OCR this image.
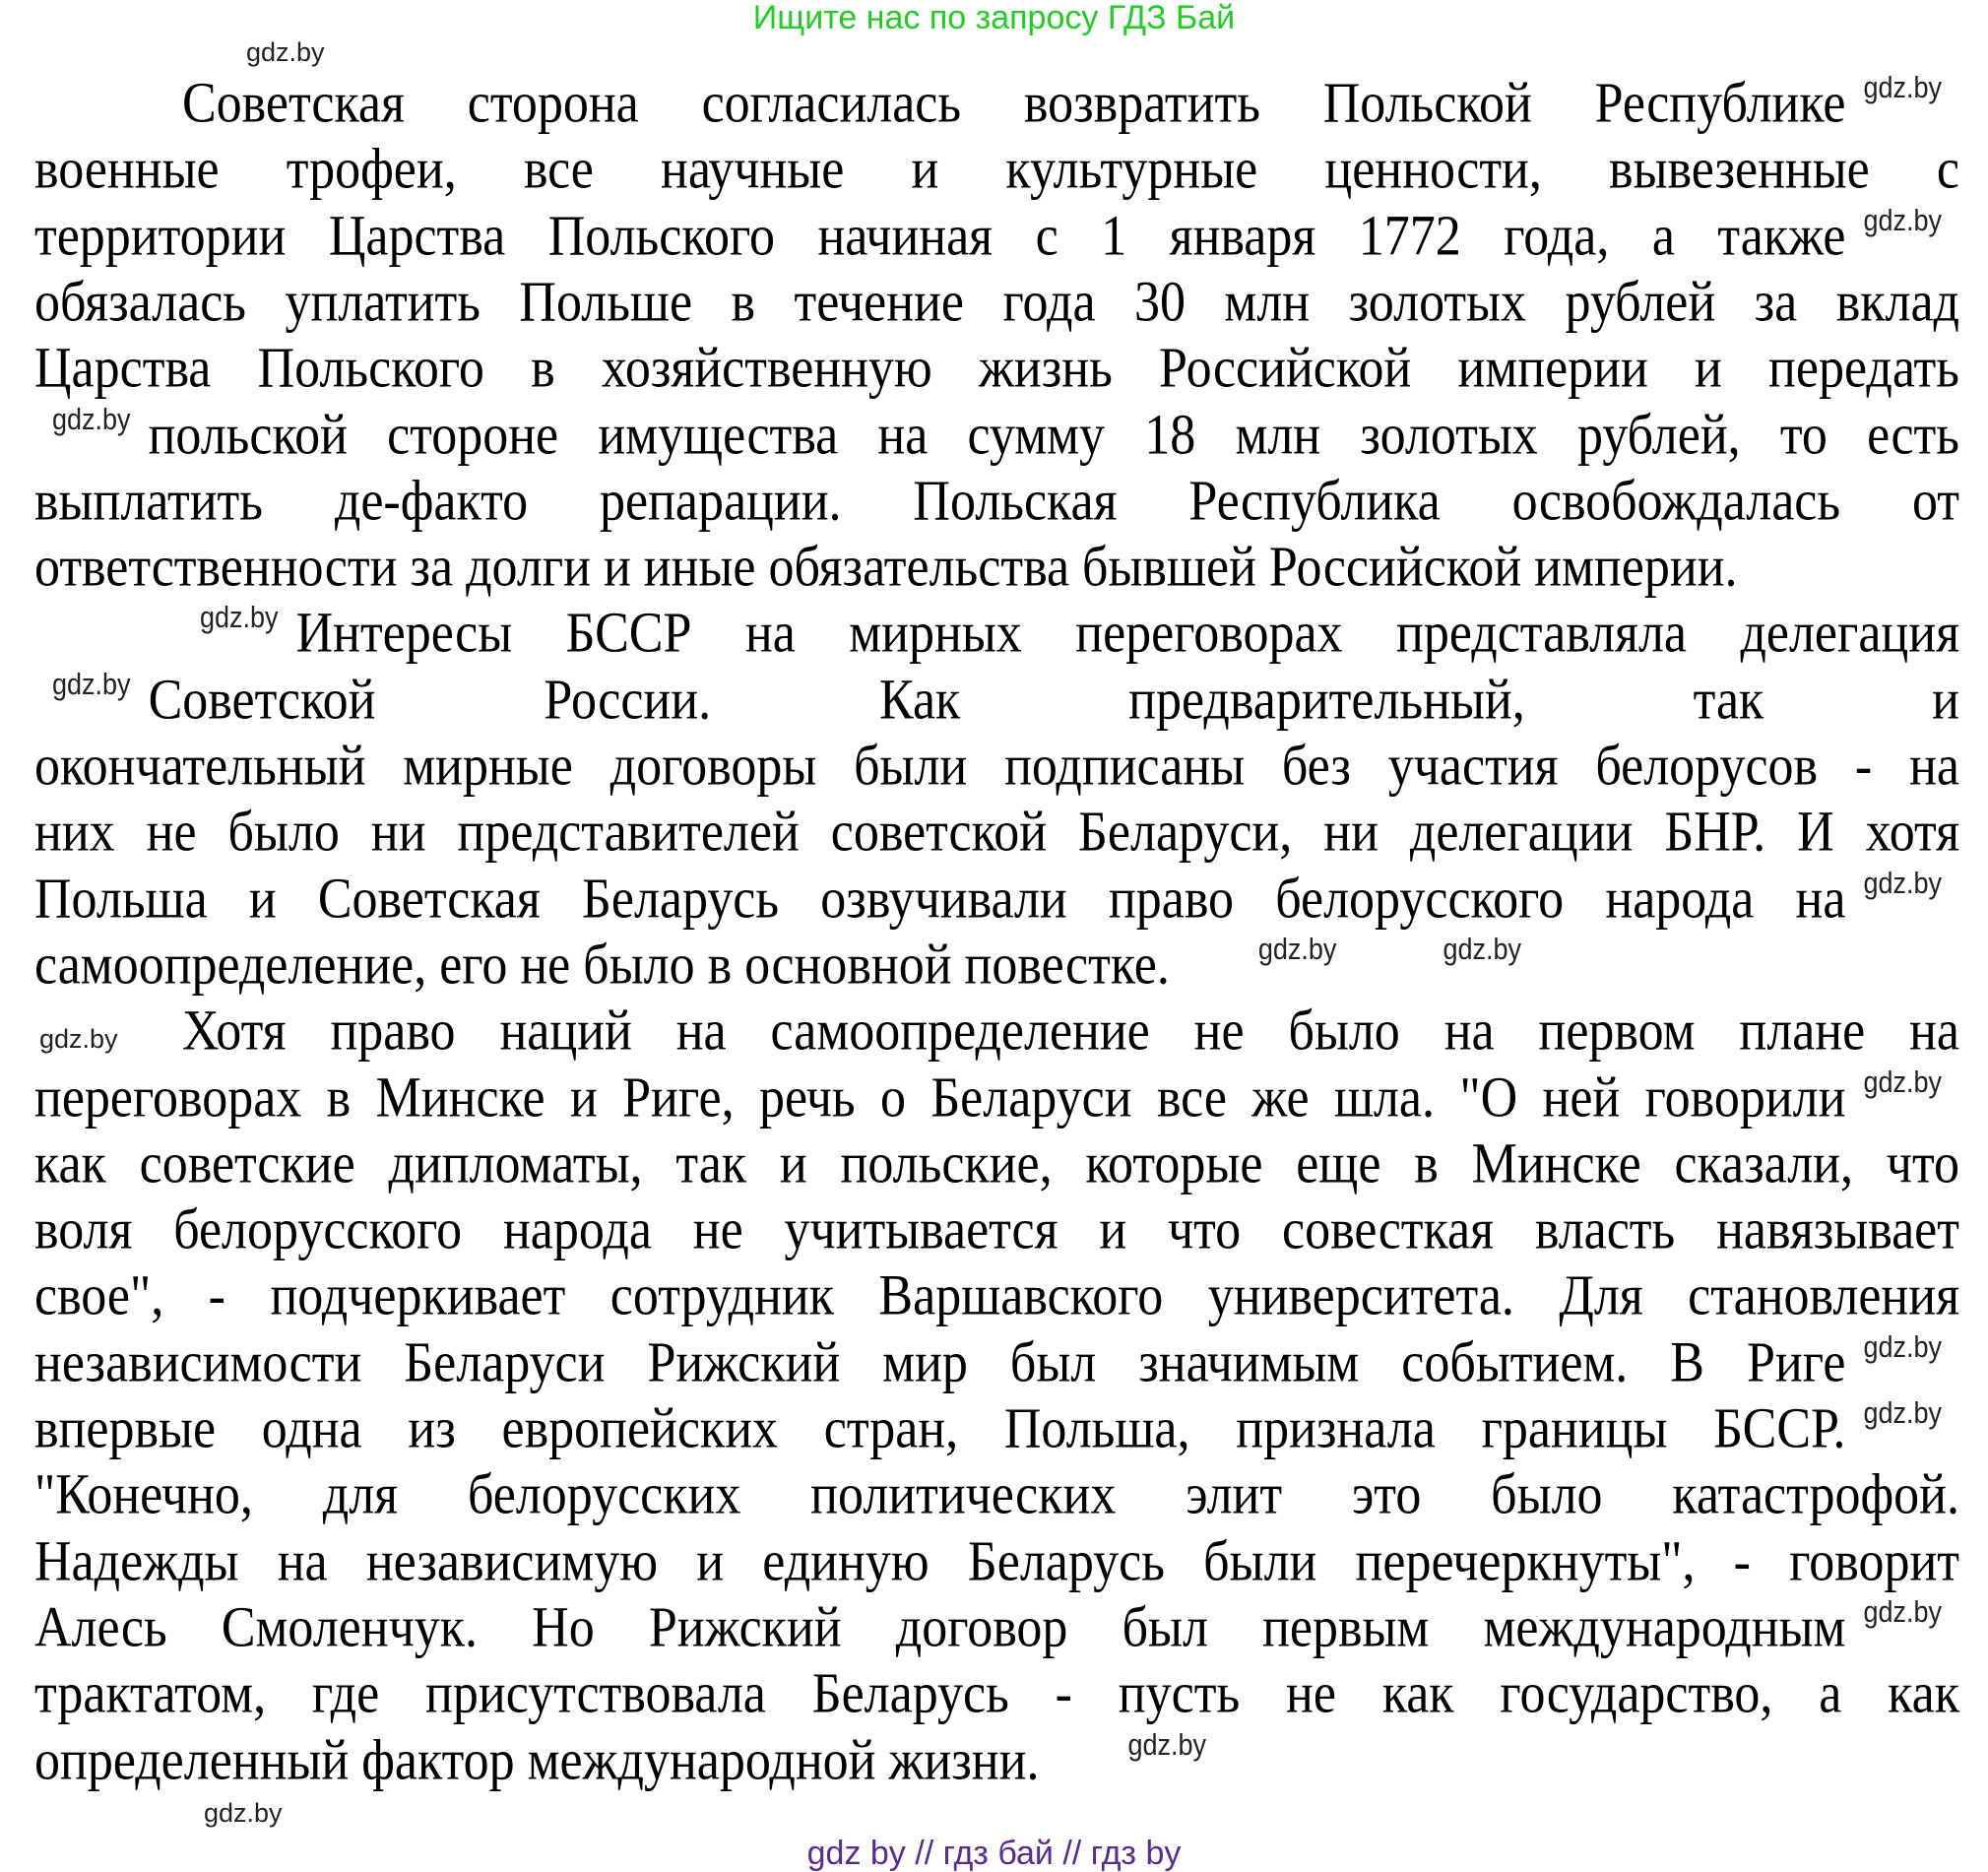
Ищите нас по запросу ГДЗ Бай
Советская сторона согласилась возвратить Польской Республике gdz.by
военные трофеи, все научные и культурные ценности, вывезенные с
территории Царства Польского начиная с 1 января 1772 года, а также gdz.by
обязалась уплатить Польше в течение года 30 млн золотых рублей за вклад
Царства Польского в хозяйственную жизнь Российской империи и передать
gdz.by польской стороне имущества на сумму 18 млн золотых рублей, то есть
выплатить де-факто репарации. Польская Республика освобождалась от
ответственности за долги и иные обязательства бывшей Российской империи.
gdz.by Интересы БССР на мирных переговорах представляла делегация
gdz.by Советской России. Как предварительный, так и
окончательный мирные договоры были подписаны без участия белорусов - на
них не было ни представителей советской Беларуси, ни делегации БНР. И хотя
Польша и Советская Беларусь озвучивали право белорусского народа на gdz.by
самоопределение, его не было в основной повестке.	gdz.by	gdz.by
Хотя право наций на самоопределение не было на первом плане на
переговорах в Минске и Риге, речь о Беларуси все же шла. "О ней говорили gdz.by
как советские дипломаты, так и польские, которые еще в Минске сказали, что
воля белорусского народа не учитывается и что совесткая власть навязывает
свое", - подчеркивает сотрудник Варшавского университета. Для становления
независимости Беларуси Рижский мир был значимым событием. В Риге gdz.by
впервые одна из европейских стран, Польша, признала границы БССР. gdz.by
"Конечно, для белорусских политических элит это было катастрофой.
Надежды на независимую и единую Беларусь были перечеркнуты", - говорит
Алесь Смоленчук. Но Рижский договор был первым международным gdz.by
трактатом, где присутствовала Беларусь - пусть не как государство, а как
определенный фактор международной жизни.	gdz.by
gdz.by
gdz.by
gdz.by
gdz by // гдз бай // гдз by
